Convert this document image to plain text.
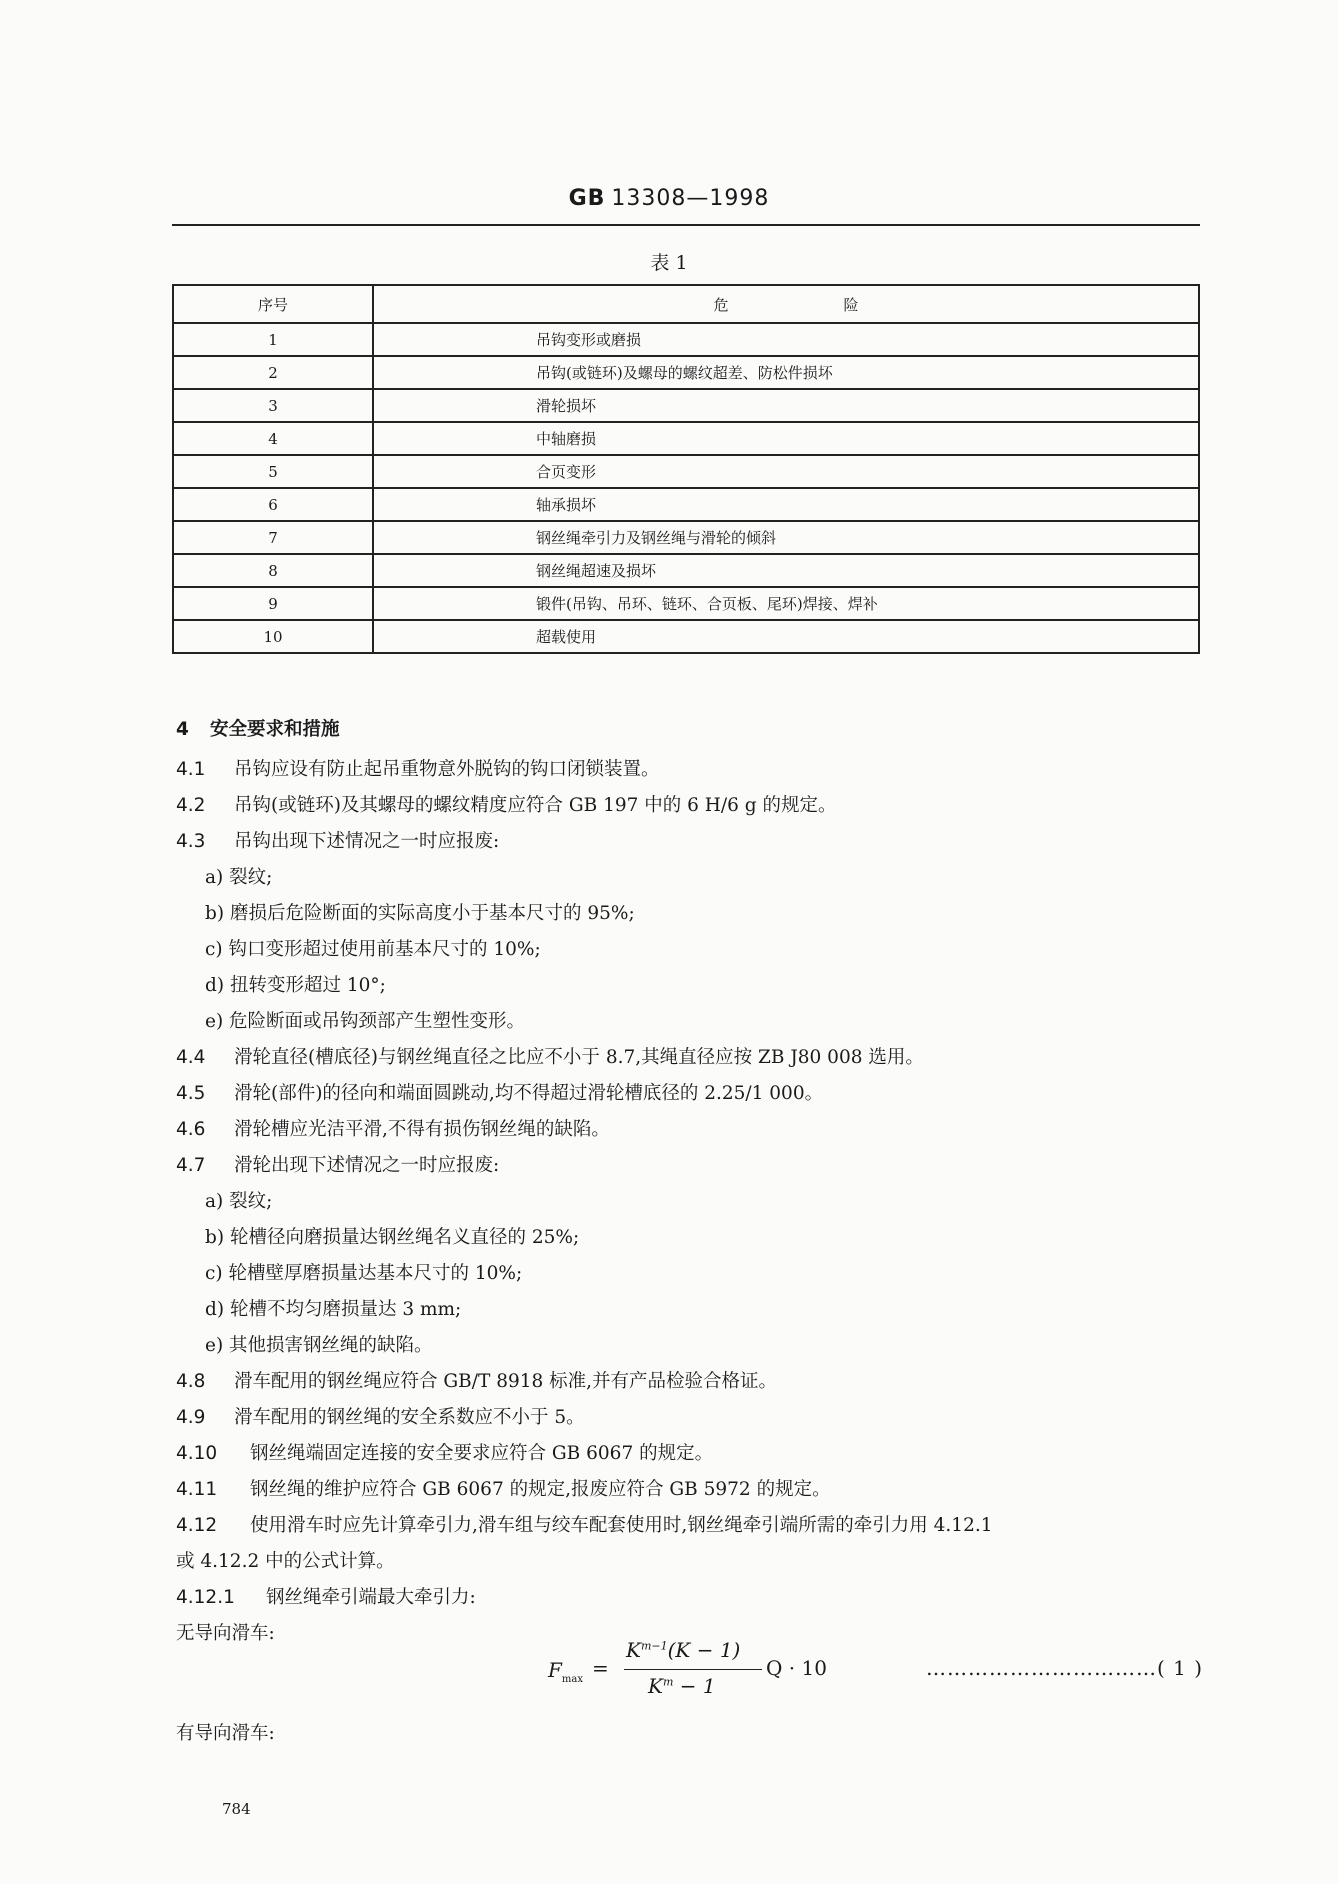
GB 13308—1998
表 1
序号	危　险
1	吊钩变形或磨损
2	吊钩(或链环)及螺母的螺纹超差、防松件损坏
3	滑轮损坏
4	中轴磨损
5	合页变形
6	轴承损坏
7	钢丝绳牵引力及钢丝绳与滑轮的倾斜
8	钢丝绳超速及损坏
9	锻件(吊钩、吊环、链环、合页板、尾环)焊接、焊补
10	超载使用
4 安全要求和措施
4.1 吊钩应设有防止起吊重物意外脱钩的钩口闭锁装置。
4.2 吊钩(或链环)及其螺母的螺纹精度应符合 GB 197 中的 6 H/6 g 的规定。
4.3 吊钩出现下述情况之一时应报废:
a) 裂纹;
b) 磨损后危险断面的实际高度小于基本尺寸的 95%;
c) 钩口变形超过使用前基本尺寸的 10%;
d) 扭转变形超过 10°;
e) 危险断面或吊钩颈部产生塑性变形。
4.4 滑轮直径(槽底径)与钢丝绳直径之比应不小于 8.7,其绳直径应按 ZB J80 008 选用。
4.5 滑轮(部件)的径向和端面圆跳动,均不得超过滑轮槽底径的 2.25/1 000。
4.6 滑轮槽应光洁平滑,不得有损伤钢丝绳的缺陷。
4.7 滑轮出现下述情况之一时应报废:
a) 裂纹;
b) 轮槽径向磨损量达钢丝绳名义直径的 25%;
c) 轮槽壁厚磨损量达基本尺寸的 10%;
d) 轮槽不均匀磨损量达 3 mm;
e) 其他损害钢丝绳的缺陷。
4.8 滑车配用的钢丝绳应符合 GB/T 8918 标准,并有产品检验合格证。
4.9 滑车配用的钢丝绳的安全系数应不小于 5。
4.10 钢丝绳端固定连接的安全要求应符合 GB 6067 的规定。
4.11 钢丝绳的维护应符合 GB 6067 的规定,报废应符合 GB 5972 的规定。
4.12 使用滑车时应先计算牵引力,滑车组与绞车配套使用时,钢丝绳牵引端所需的牵引力用 4.12.1
或 4.12.2 中的公式计算。
4.12.1 钢丝绳牵引端最大牵引力:
无导向滑车:
$F_{max}$ =
$K^{m-1}(K - 1)$
$K^m - 1$
Q · 10	……………………………( 1 )
有导向滑车:
784
